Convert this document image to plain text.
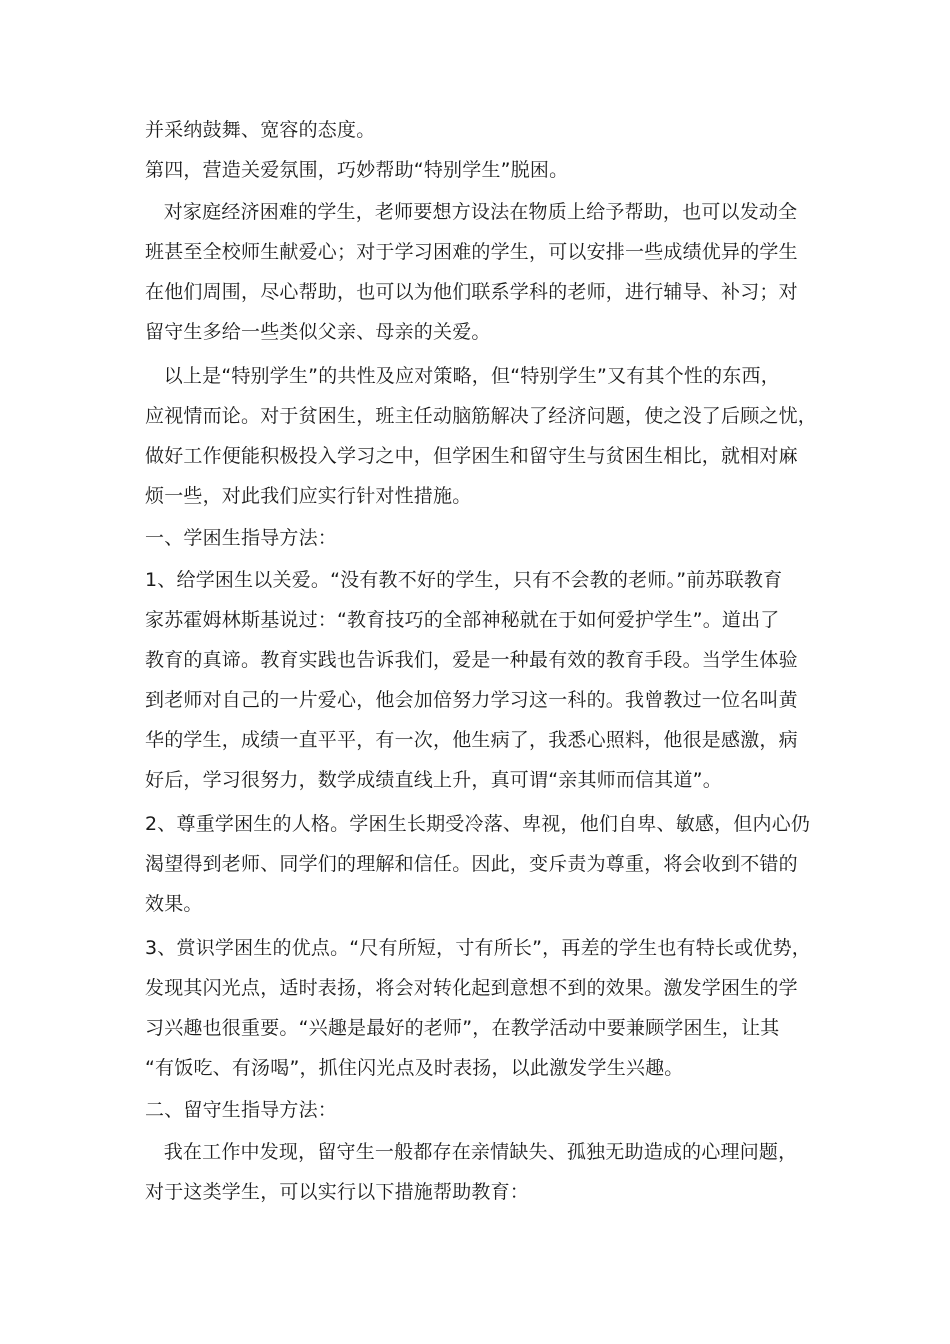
并采纳鼓舞、宽容的态度。
第四，营造关爱氛围，巧妙帮助“特别学生”脱困。
对家庭经济困难的学生，老师要想方设法在物质上给予帮助，也可以发动全
班甚至全校师生献爱心；对于学习困难的学生，可以安排一些成绩优异的学生
在他们周围，尽心帮助，也可以为他们联系学科的老师，进行辅导、补习；对
留守生多给一些类似父亲、母亲的关爱。
以上是“特别学生”的共性及应对策略，但“特别学生”又有其个性的东西，
应视情而论。对于贫困生，班主任动脑筋解决了经济问题，使之没了后顾之忧，
做好工作便能积极投入学习之中，但学困生和留守生与贫困生相比，就相对麻
烦一些，对此我们应实行针对性措施。
一、学困生指导方法：
1、给学困生以关爱。“没有教不好的学生，只有不会教的老师。”前苏联教育
家苏霍姆林斯基说过：“教育技巧的全部神秘就在于如何爱护学生”。道出了
教育的真谛。教育实践也告诉我们，爱是一种最有效的教育手段。当学生体验
到老师对自己的一片爱心，他会加倍努力学习这一科的。我曾教过一位名叫黄
华的学生，成绩一直平平，有一次，他生病了，我悉心照料，他很是感激，病
好后，学习很努力，数学成绩直线上升，真可谓“亲其师而信其道”。
2、尊重学困生的人格。学困生长期受冷落、卑视，他们自卑、敏感，但内心仍
渴望得到老师、同学们的理解和信任。因此，变斥责为尊重，将会收到不错的
效果。
3、赏识学困生的优点。“尺有所短，寸有所长”，再差的学生也有特长或优势，
发现其闪光点，适时表扬，将会对转化起到意想不到的效果。激发学困生的学
习兴趣也很重要。“兴趣是最好的老师”，在教学活动中要兼顾学困生，让其
“有饭吃、有汤喝”，抓住闪光点及时表扬，以此激发学生兴趣。
二、留守生指导方法：
我在工作中发现，留守生一般都存在亲情缺失、孤独无助造成的心理问题，
对于这类学生，可以实行以下措施帮助教育：
